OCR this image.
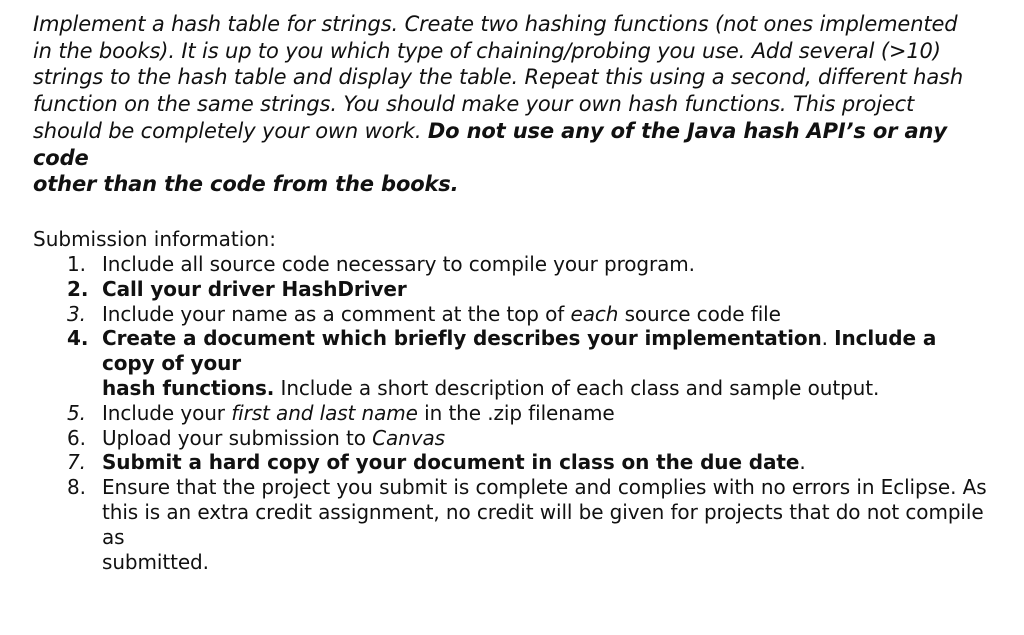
Implement a hash table for strings. Create two hashing functions (not ones implemented
in the books). It is up to you which type of chaining/probing you use. Add several (>10)
strings to the hash table and display the table. Repeat this using a second, different hash
function on the same strings. You should make your own hash functions. This project
should be completely your own work. Do not use any of the Java hash API’s or any code
other than the code from the books.
Submission information:
1. Include all source code necessary to compile your program.
2. Call your driver HashDriver
3. Include your name as a comment at the top of each source code file
4. Create a document which briefly describes your implementation. Include a copy of your
hash functions. Include a short description of each class and sample output.
5. Include your first and last name in the .zip filename
6. Upload your submission to Canvas
7. Submit a hard copy of your document in class on the due date.
8. Ensure that the project you submit is complete and complies with no errors in Eclipse. As
this is an extra credit assignment, no credit will be given for projects that do not compile as
submitted.
